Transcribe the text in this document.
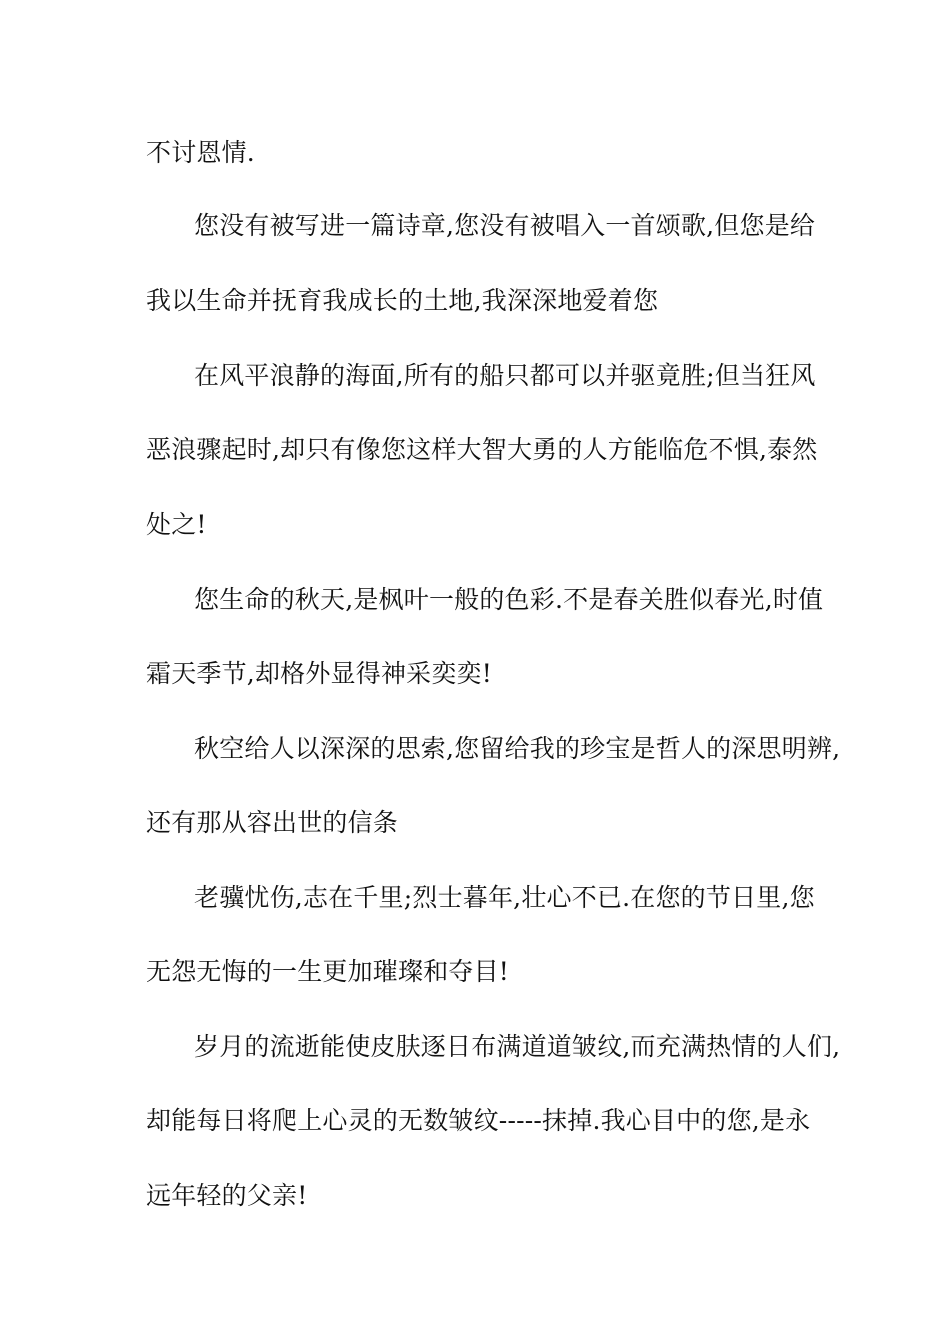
不讨恩情.
您没有被写进一篇诗章,您没有被唱入一首颂歌,但您是给
我以生命并抚育我成长的土地,我深深地爱着您
在风平浪静的海面,所有的船只都可以并驱竟胜;但当狂风
恶浪骤起时,却只有像您这样大智大勇的人方能临危不惧,泰然
处之!
您生命的秋天,是枫叶一般的色彩.不是春关胜似春光,时值
霜天季节,却格外显得神采奕奕!
秋空给人以深深的思索,您留给我的珍宝是哲人的深思明辨,
还有那从容出世的信条
老骥忧伤,志在千里;烈士暮年,壮心不已.在您的节日里,您
无怨无悔的一生更加璀璨和夺目!
岁月的流逝能使皮肤逐日布满道道皱纹,而充满热情的人们,
却能每日将爬上心灵的无数皱纹-----抹掉.我心目中的您,是永
远年轻的父亲!
